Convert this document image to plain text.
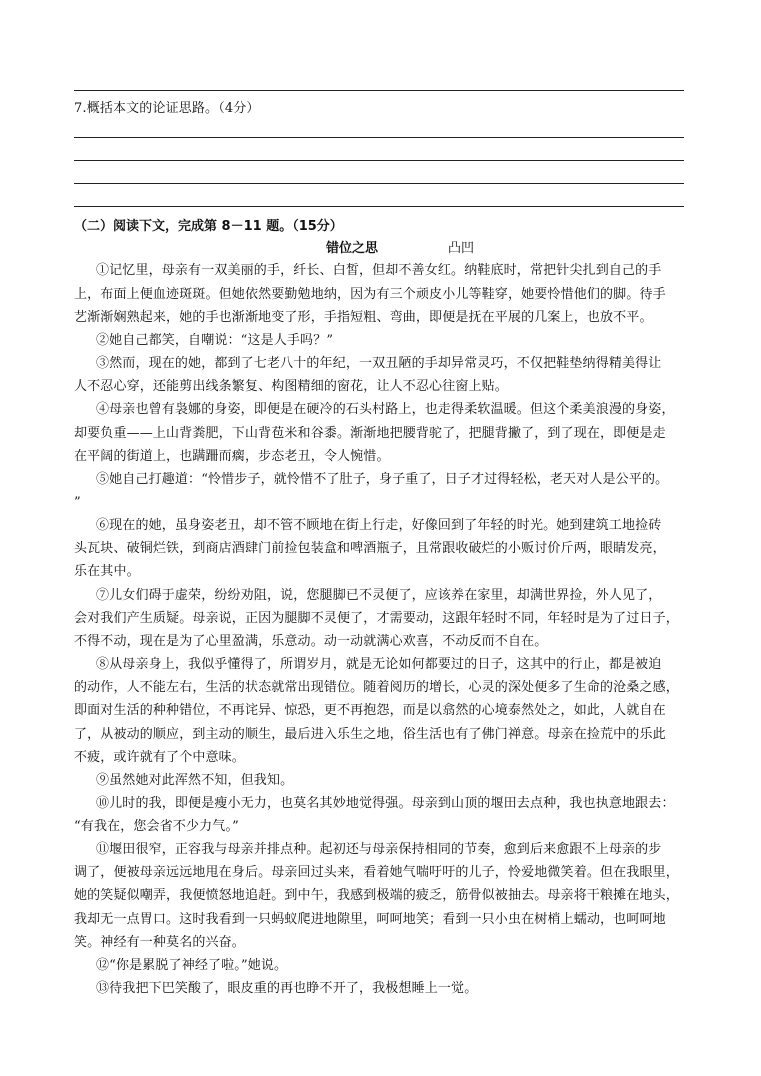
7.概括本文的论证思路。（4分）
（二）阅读下文，完成第 8－11 题。（15分）
错位之思	凸凹
①记忆里，母亲有一双美丽的手，纤长、白皙，但却不善女红。纳鞋底时，常把针尖扎到自己的手
上，布面上便血迹斑斑。但她依然要勤勉地纳，因为有三个顽皮小儿等鞋穿，她要怜惜他们的脚。待手
艺渐渐娴熟起来，她的手也渐渐地变了形，手指短粗、弯曲，即便是抚在平展的几案上，也放不平。
②她自己都笑，自嘲说：“这是人手吗？”
③然而，现在的她，都到了七老八十的年纪，一双丑陋的手却异常灵巧，不仅把鞋垫纳得精美得让
人不忍心穿，还能剪出线条繁复、构图精细的窗花，让人不忍心往窗上贴。
④母亲也曾有袅娜的身姿，即便是在硬冷的石头村路上，也走得柔软温暖。但这个柔美浪漫的身姿，
却要负重——上山背粪肥，下山背苞米和谷黍。渐渐地把腰背驼了，把腿背撇了，到了现在，即便是走
在平阔的街道上，也蹒跚而瘸，步态老丑，令人惋惜。
⑤她自己打趣道：“怜惜步子，就怜惜不了肚子，身子重了，日子才过得轻松，老天对人是公平的。
”
⑥现在的她，虽身姿老丑，却不管不顾地在街上行走，好像回到了年轻的时光。她到建筑工地捡砖
头瓦块、破铜烂铁，到商店酒肆门前捡包装盒和啤酒瓶子，且常跟收破烂的小贩讨价斤两，眼睛发亮，
乐在其中。
⑦儿女们碍于虚荣，纷纷劝阻，说，您腿脚已不灵便了，应该养在家里，却满世界捡，外人见了，
会对我们产生质疑。母亲说，正因为腿脚不灵便了，才需要动，这跟年轻时不同，年轻时是为了过日子，
不得不动，现在是为了心里盈满，乐意动。动一动就满心欢喜，不动反而不自在。
⑧从母亲身上，我似乎懂得了，所谓岁月，就是无论如何都要过的日子，这其中的行止，都是被迫
的动作，人不能左右，生活的状态就常出现错位。随着阅历的增长，心灵的深处便多了生命的沧桑之感，
即面对生活的种种错位，不再诧异、惊恐，更不再抱怨，而是以翕然的心境泰然处之，如此，人就自在
了，从被动的顺应，到主动的顺生，最后进入乐生之地，俗生活也有了佛门禅意。母亲在捡荒中的乐此
不疲，或许就有了个中意味。
⑨虽然她对此浑然不知，但我知。
⑩儿时的我，即便是瘦小无力，也莫名其妙地觉得强。母亲到山顶的堰田去点种，我也执意地跟去：
“有我在，您会省不少力气。”
⑪堰田很窄，正容我与母亲并排点种。起初还与母亲保持相同的节奏，愈到后来愈跟不上母亲的步
调了，便被母亲远远地甩在身后。母亲回过头来，看着她气喘吁吁的儿子，怜爱地微笑着。但在我眼里，
她的笑疑似嘲弄，我便愤怒地追赶。到中午，我感到极端的疲乏，筋骨似被抽去。母亲将干粮摊在地头，
我却无一点胃口。这时我看到一只蚂蚁爬进地隙里，呵呵地笑；看到一只小虫在树梢上蠕动，也呵呵地
笑。神经有一种莫名的兴奋。
⑫“你是累脱了神经了啦。”她说。
⑬待我把下巴笑酸了，眼皮重的再也睁不开了，我极想睡上一觉。
